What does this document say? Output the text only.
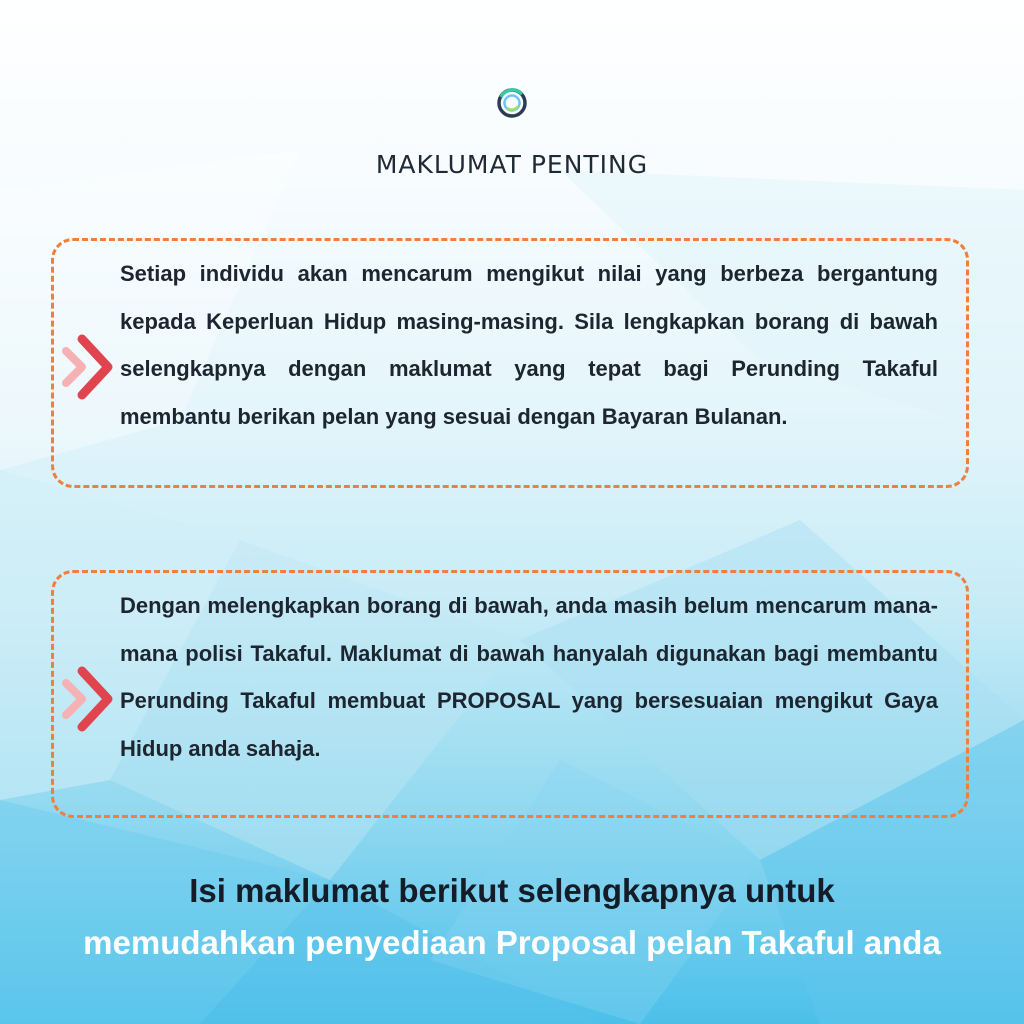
MAKLUMAT PENTING

Setiap individu akan mencarum mengikut nilai yang berbeza bergantung kepada Keperluan Hidup masing-masing. Sila lengkapkan borang di bawah selengkapnya dengan maklumat yang tepat bagi Perunding Takaful membantu berikan pelan yang sesuai dengan Bayaran Bulanan.

Dengan melengkapkan borang di bawah, anda masih belum mencarum mana-mana polisi Takaful. Maklumat di bawah hanyalah digunakan bagi membantu Perunding Takaful membuat PROPOSAL yang bersesuaian mengikut Gaya Hidup anda sahaja.

Isi maklumat berikut selengkapnya untuk

memudahkan penyediaan Proposal pelan Takaful anda
